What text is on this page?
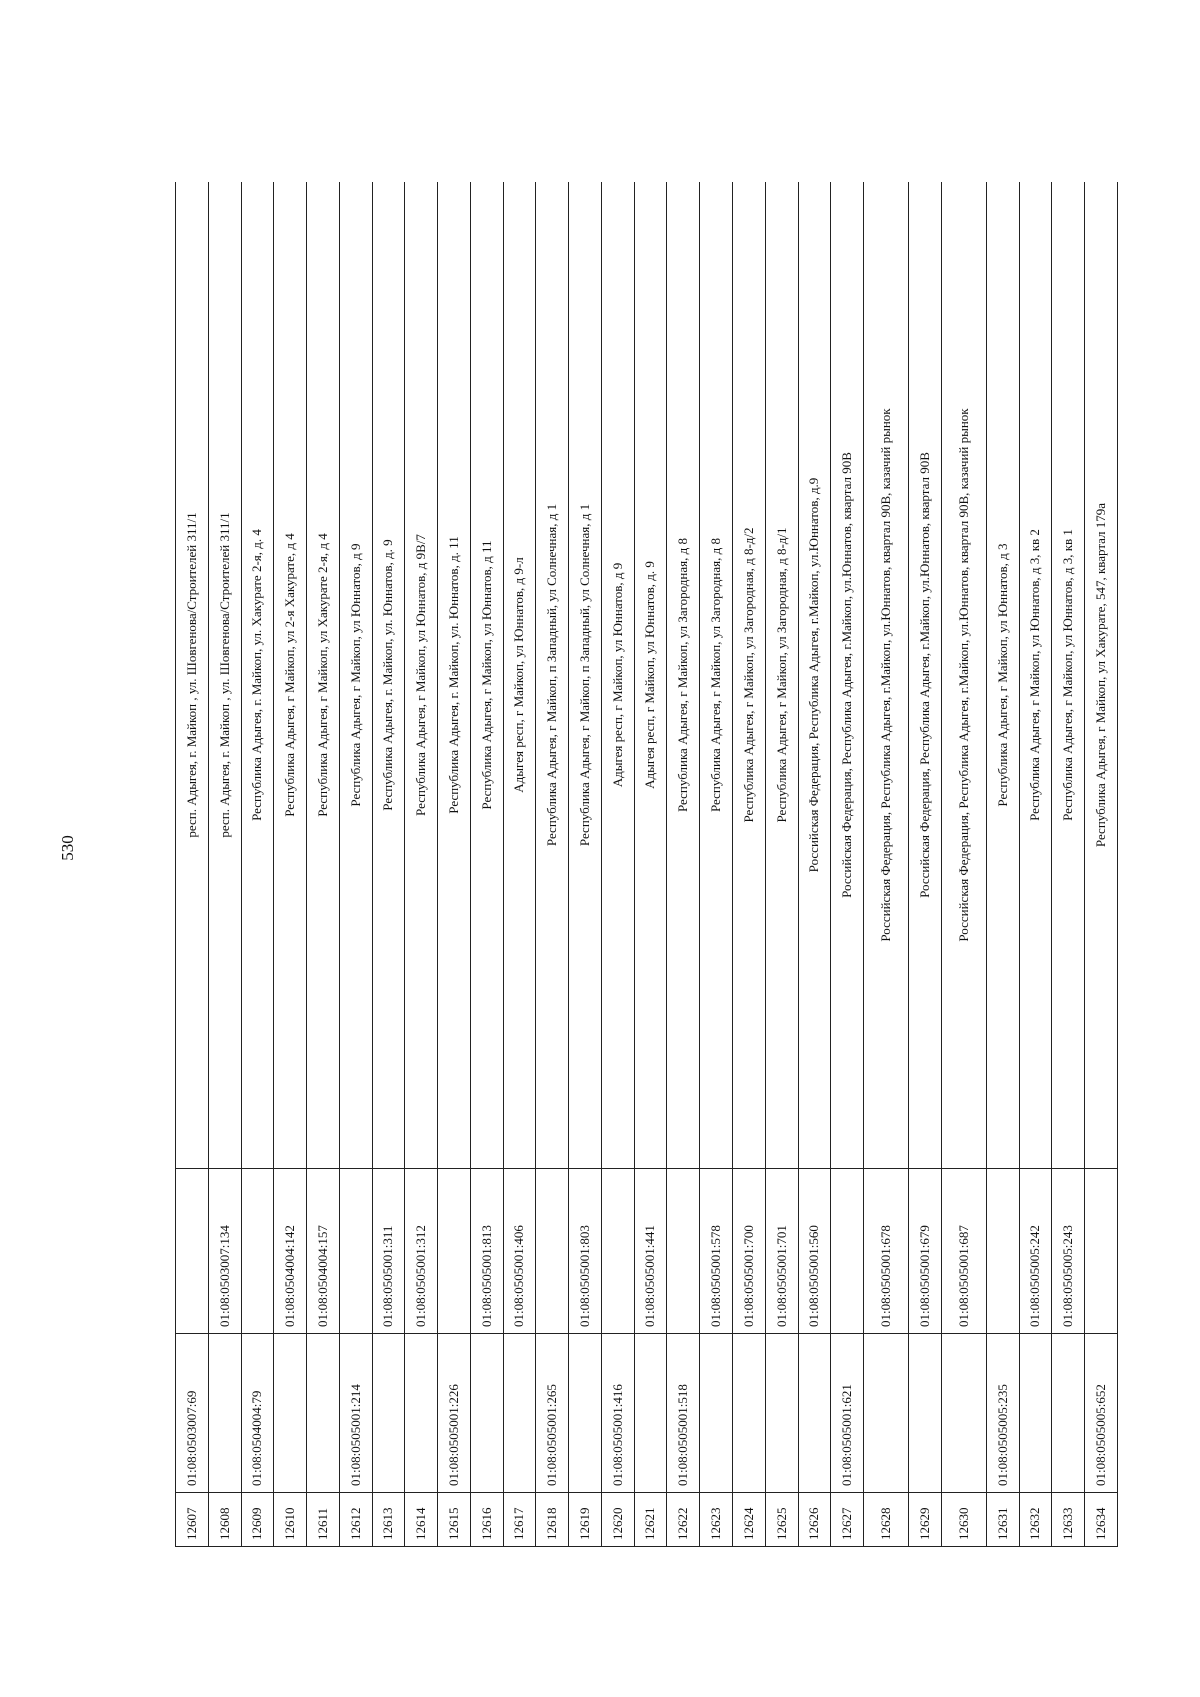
530
12607	01:08:0503007:69		респ. Адыгея, г. Майкоп , ул. Шовгенова/Строителей 311/1
12608		01:08:0503007:134	респ. Адыгея, г. Майкоп , ул. Шовгенова/Строителей 311/1
12609	01:08:0504004:79		Республика Адыгея, г. Майкоп, ул. Хакурате 2-я, д. 4
12610		01:08:0504004:142	Республика Адыгея, г Майкоп, ул 2-я Хакурате, д 4
12611		01:08:0504004:157	Республика Адыгея, г Майкоп, ул Хакурате 2-я, д 4
12612	01:08:0505001:214		Республика Адыгея, г Майкоп, ул Юннатов, д 9
12613		01:08:0505001:311	Республика Адыгея, г. Майкоп, ул. Юннатов, д. 9
12614		01:08:0505001:312	Республика Адыгея, г Майкоп, ул Юннатов, д 9В/7
12615	01:08:0505001:226		Республика Адыгея, г. Майкоп, ул. Юннатов, д. 11
12616		01:08:0505001:813	Республика Адыгея, г Майкоп, ул Юннатов, д 11
12617		01:08:0505001:406	Адыгея респ, г Майкоп, ул Юннатов, д 9-л
12618	01:08:0505001:265		Республика Адыгея, г Майкоп, п Западный, ул Солнечная, д 1
12619		01:08:0505001:803	Республика Адыгея, г Майкоп, п Западный, ул Солнечная, д 1
12620	01:08:0505001:416		Адыгея респ, г Майкоп, ул Юннатов, д 9
12621		01:08:0505001:441	Адыгея респ, г Майкоп, ул Юннатов, д. 9
12622	01:08:0505001:518		Республика Адыгея, г Майкоп, ул Загородная, д 8
12623		01:08:0505001:578	Республика Адыгея, г Майкоп, ул Загородная, д 8
12624		01:08:0505001:700	Республика Адыгея, г Майкоп, ул Загородная, д 8-д/2
12625		01:08:0505001:701	Республика Адыгея, г Майкоп, ул Загородная, д 8-д/1
12626		01:08:0505001:560	Российская Федерация, Республика Адыгея, г.Майкоп, ул.Юннатов, д.9
12627	01:08:0505001:621		Российская Федерация, Республика Адыгея, г.Майкоп, ул.Юннатов, квартал 90В
12628		01:08:0505001:678	Российская Федерация, Республика Адыгея, г.Майкоп, ул.Юннатов, квартал 90В, казачий рынок
12629		01:08:0505001:679	Российская Федерация, Республика Адыгея, г.Майкоп, ул.Юннатов, квартал 90В
12630		01:08:0505001:687	Российская Федерация, Республика Адыгея, г.Майкоп, ул.Юннатов, квартал 90В, казачий рынок
12631	01:08:0505005:235		Республика Адыгея, г Майкоп, ул Юннатов, д 3
12632		01:08:0505005:242	Республика Адыгея, г Майкоп, ул Юннатов, д 3, кв 2
12633		01:08:0505005:243	Республика Адыгея, г Майкоп, ул Юннатов, д 3, кв 1
12634	01:08:0505005:652		Республика Адыгея, г Майкоп, ул Хакурате, 547, квартал 179а
